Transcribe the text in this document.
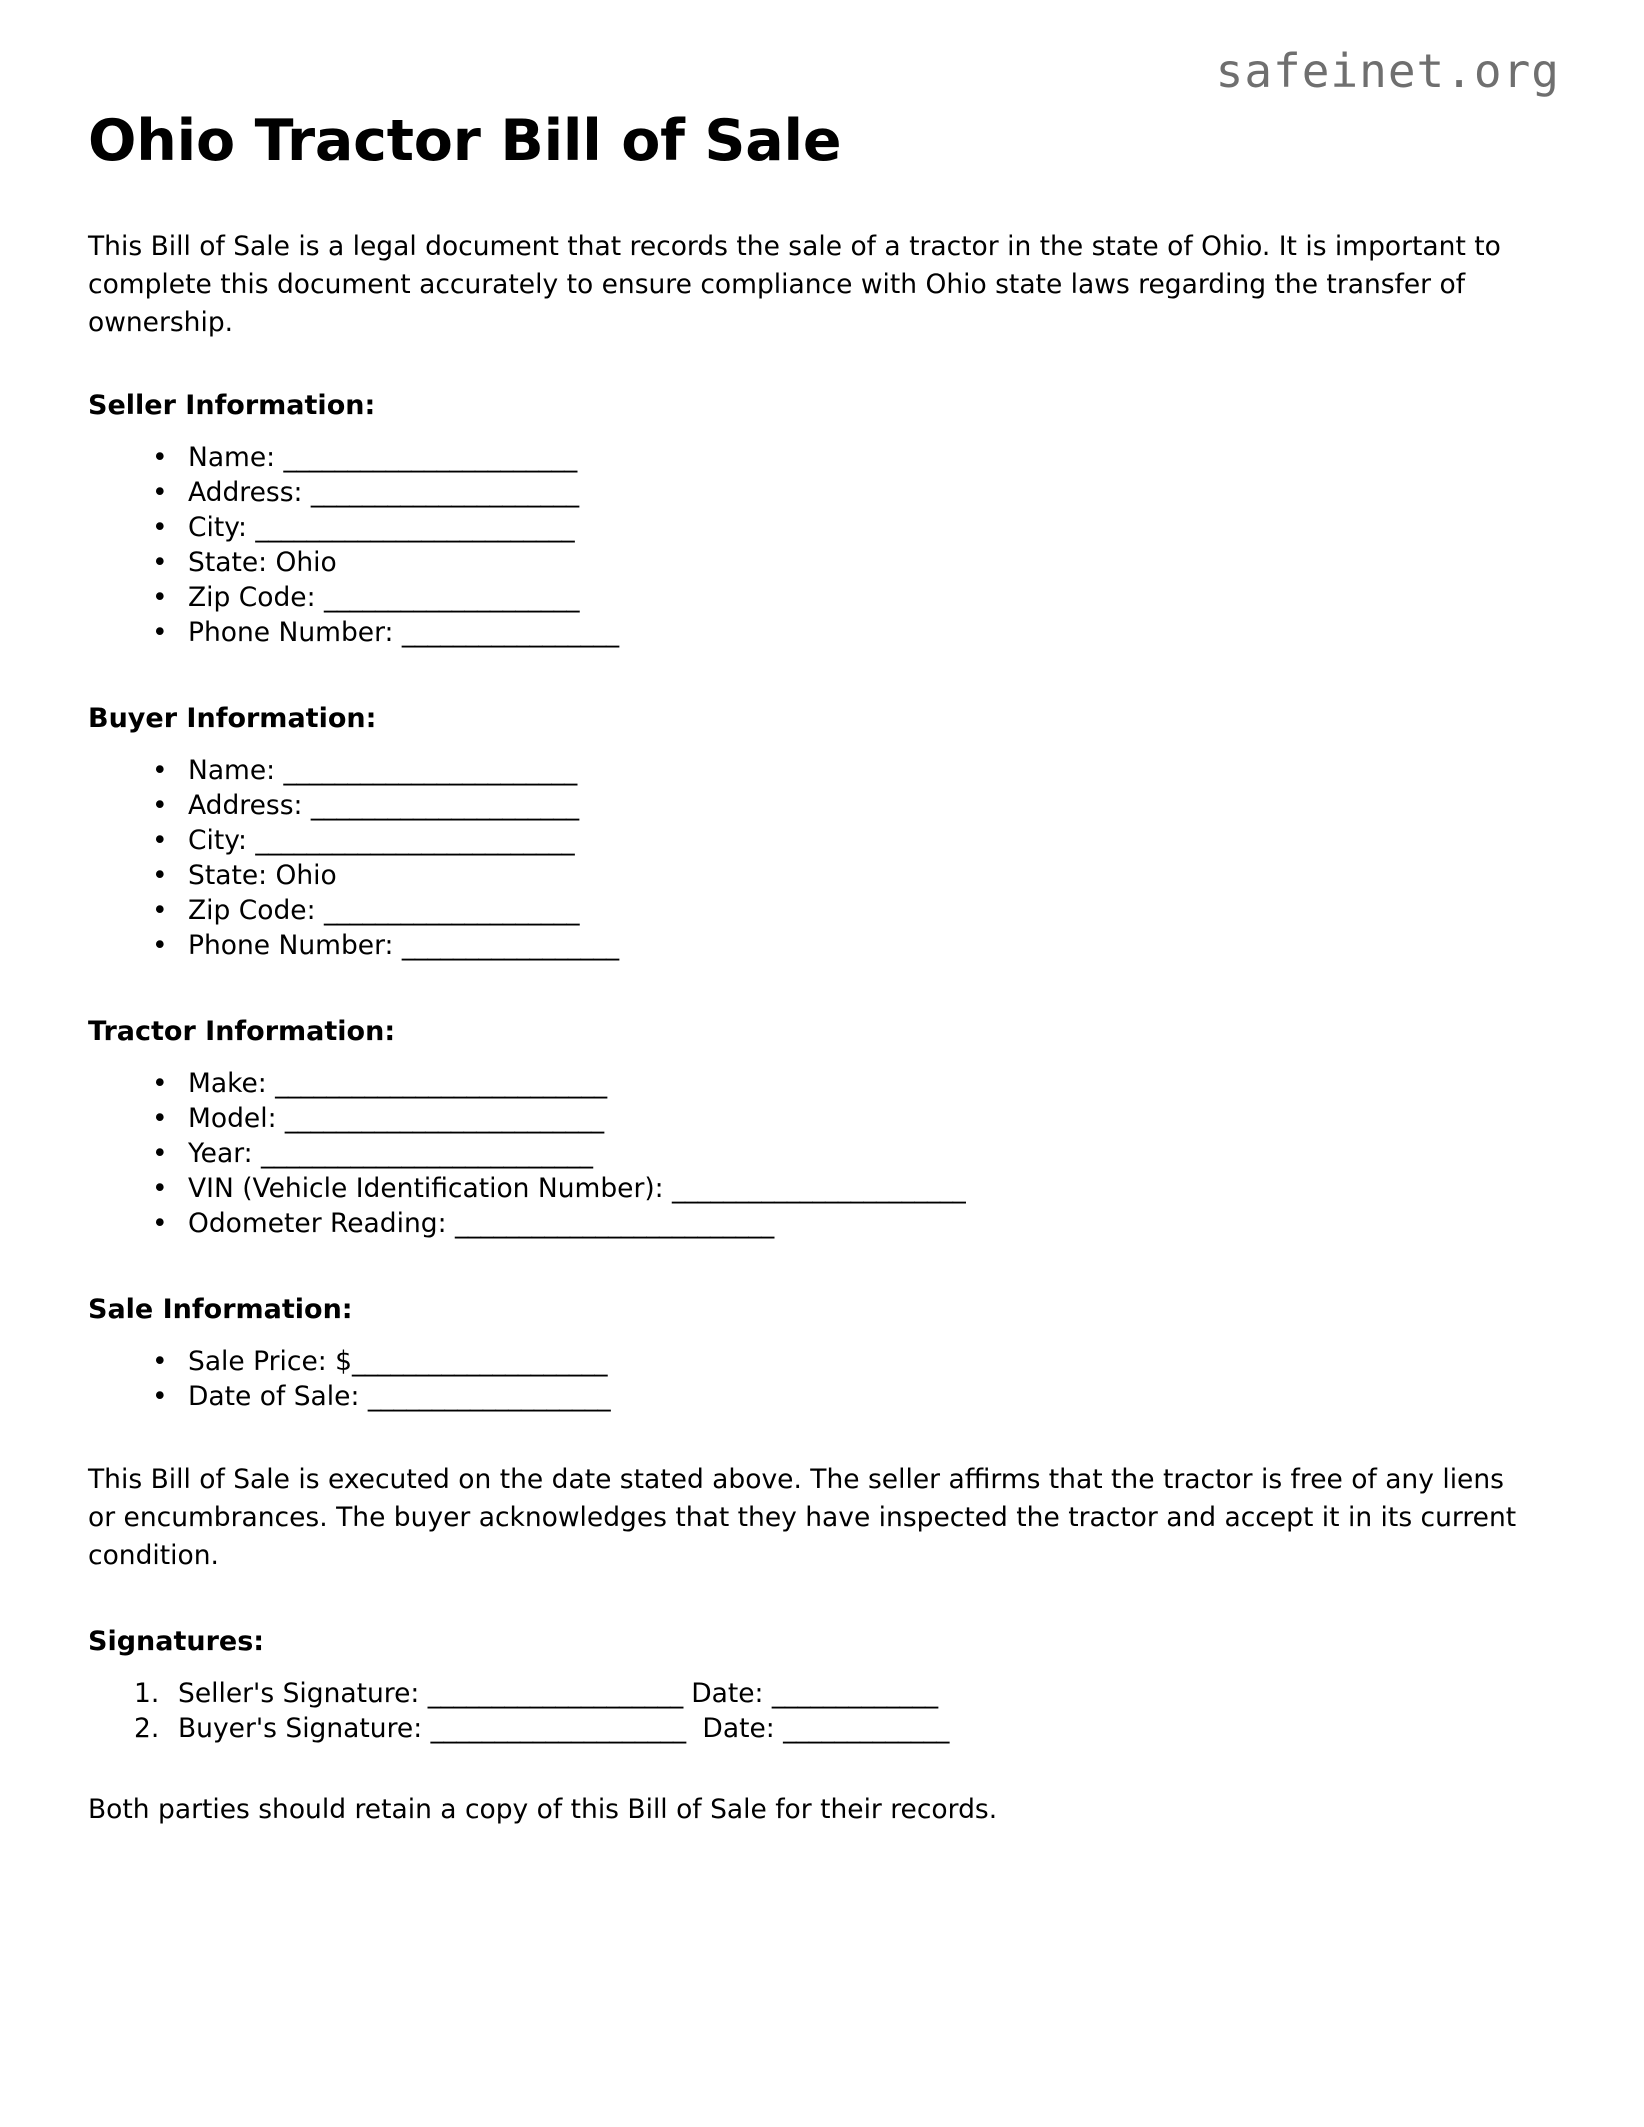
safeinet.org
Ohio Tractor Bill of Sale

This Bill of Sale is a legal document that records the sale of a tractor in the state of Ohio. It is important to complete this document accurately to ensure compliance with Ohio state laws regarding the transfer of ownership.

Seller Information:
• Name: _______________________
• Address: _____________________
• City: _________________________
• State: Ohio
• Zip Code: ____________________
• Phone Number: _________________
Buyer Information:
• Name: _______________________
• Address: _____________________
• City: _________________________
• State: Ohio
• Zip Code: ____________________
• Phone Number: _________________
Tractor Information:
• Make: __________________________
• Model: _________________________
• Year: __________________________
• VIN (Vehicle Identification Number): _______________________
• Odometer Reading: _________________________
Sale Information:
• Sale Price: $____________________
• Date of Sale: ___________________

This Bill of Sale is executed on the date stated above. The seller affirms that the tractor is free of any liens or encumbrances. The buyer acknowledges that they have inspected the tractor and accept it in its current condition.

Signatures:
Seller's Signature: ____________________ Date: _____________
Buyer's Signature: ____________________  Date: _____________

Both parties should retain a copy of this Bill of Sale for their records.
